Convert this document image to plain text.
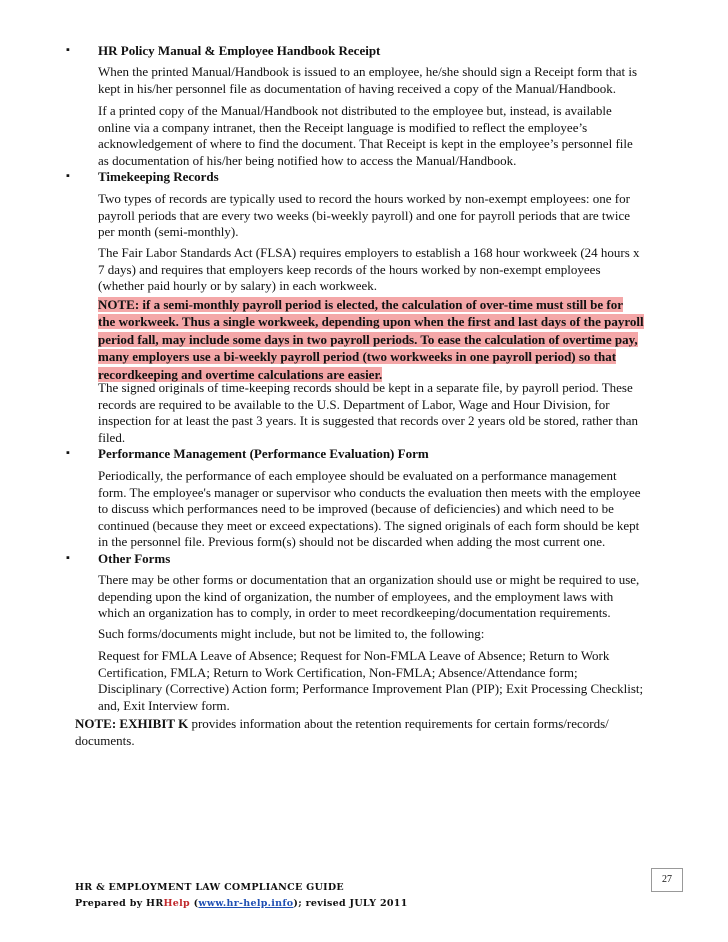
▪ HR Policy Manual & Employee Handbook Receipt
When the printed Manual/Handbook is issued to an employee, he/she should sign a Receipt form that is
kept in his/her personnel file as documentation of having received a copy of the Manual/Handbook.
If a printed copy of the Manual/Handbook not distributed to the employee but, instead, is available
online via a company intranet, then the Receipt language is modified to reflect the employee’s
acknowledgement of where to find the document. That Receipt is kept in the employee’s personnel file
as documentation of his/her being notified how to access the Manual/Handbook.
▪ Timekeeping Records
Two types of records are typically used to record the hours worked by non-exempt employees: one for
payroll periods that are every two weeks (bi-weekly payroll) and one for payroll periods that are twice
per month (semi-monthly).
The Fair Labor Standards Act (FLSA) requires employers to establish a 168 hour workweek (24 hours x
7 days) and requires that employers keep records of the hours worked by non-exempt employees
(whether paid hourly or by salary) in each workweek.
NOTE: if a semi-monthly payroll period is elected, the calculation of over-time must still be for
the workweek. Thus a single workweek, depending upon when the first and last days of the payroll
period fall, may include some days in two payroll periods. To ease the calculation of overtime pay,
many employers use a bi-weekly payroll period (two workweeks in one payroll period) so that
recordkeeping and overtime calculations are easier.
The signed originals of time-keeping records should be kept in a separate file, by payroll period. These
records are required to be available to the U.S. Department of Labor, Wage and Hour Division, for
inspection for at least the past 3 years. It is suggested that records over 2 years old be stored, rather than
filed.
▪ Performance Management (Performance Evaluation) Form
Periodically, the performance of each employee should be evaluated on a performance management
form. The employee's manager or supervisor who conducts the evaluation then meets with the employee
to discuss which performances need to be improved (because of deficiencies) and which need to be
continued (because they meet or exceed expectations). The signed originals of each form should be kept
in the personnel file. Previous form(s) should not be discarded when adding the most current one.
▪ Other Forms
There may be other forms or documentation that an organization should use or might be required to use,
depending upon the kind of organization, the number of employees, and the employment laws with
which an organization has to comply, in order to meet recordkeeping/documentation requirements.
Such forms/documents might include, but not be limited to, the following:
Request for FMLA Leave of Absence; Request for Non-FMLA Leave of Absence; Return to Work
Certification, FMLA; Return to Work Certification, Non-FMLA; Absence/Attendance form;
Disciplinary (Corrective) Action form; Performance Improvement Plan (PIP); Exit Processing Checklist;
and, Exit Interview form.
NOTE: EXHIBIT K provides information about the retention requirements for certain forms/records/
documents.
27
HR & EMPLOYMENT LAW COMPLIANCE GUIDE
Prepared by HRHelp (www.hr-help.info); revised JULY 2011
